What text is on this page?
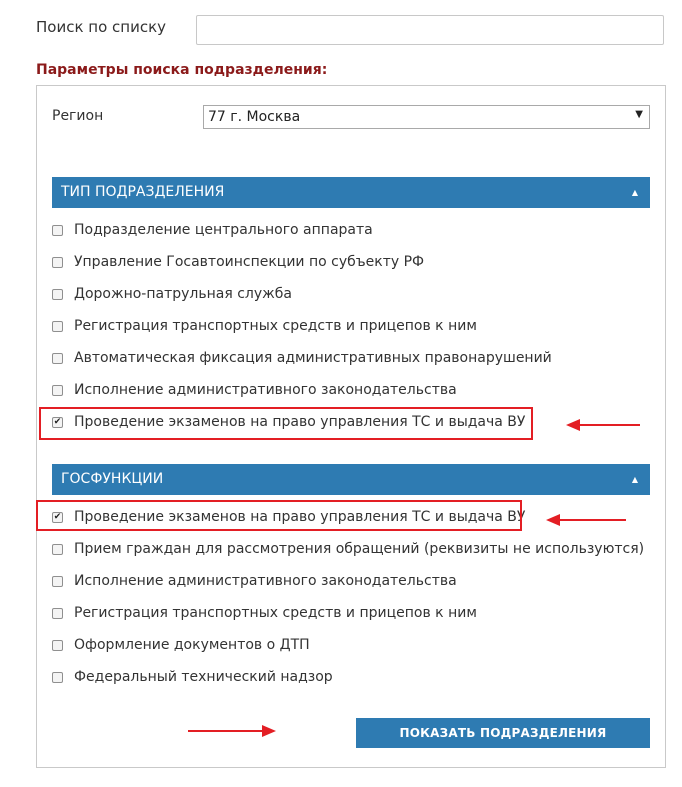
Поиск по списку
Параметры поиска подразделения:
Регион	77 г. Москва	▼
ТИП ПОДРАЗДЕЛЕНИЯ	▲
Подразделение центрального аппарата
Управление Госавтоинспекции по субъекту РФ
Дорожно-патрульная служба
Регистрация транспортных средств и прицепов к ним
Автоматическая фиксация административных правонарушений
Исполнение административного законодательства
✔ Проведение экзаменов на право управления ТС и выдача ВУ
ГОСФУНКЦИИ	▲
✔ Проведение экзаменов на право управления ТС и выдача ВУ
Прием граждан для рассмотрения обращений (реквизиты не используются)
Исполнение административного законодательства
Регистрация транспортных средств и прицепов к ним
Оформление документов о ДТП
Федеральный технический надзор
ПОКАЗАТЬ ПОДРАЗДЕЛЕНИЯ
